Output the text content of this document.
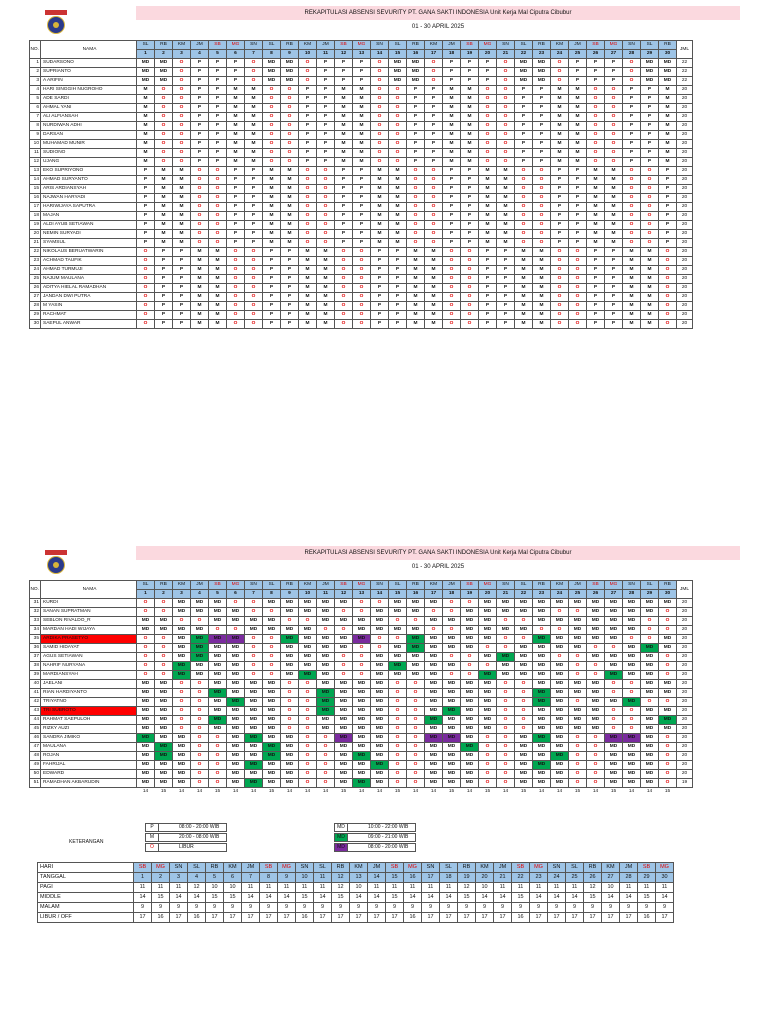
REKAPITULASI ABSENSI SEVURITY PT. GANA SAKTI INDONESIA Unit Kerja Mal Ciputra Cibubur
01 - 30 APRIL 2025
NO.	NAMA	SL	RB	KM	JM	SB	MG	SN	SL	RB	KM	JM	SB	MG	SN	SL	RB	KM	JM	SB	MG	SN	SL	RB	KM	JM	SB	MG	SN	SL	RB	JML
		1	2	3	4	5	6	7	8	9	10	11	12	13	14	15	16	17	18	19	20	21	22	23	24	25	26	27	28	29	30	
1	SUDARSONO	MD	MD	O	P	P	P	O	MD	MD	O	P	P	P	O	MD	MD	O	P	P	P	O	MD	MD	O	P	P	P	O	MD	MD	22
2	SUPRIANTO	MD	MD	O	P	P	P	O	MD	MD	O	P	P	P	O	MD	MD	O	P	P	P	O	MD	MD	O	P	P	P	O	MD	MD	22
3	A ARIFIN	MD	MD	O	P	P	P	O	MD	MD	O	P	P	P	O	MD	MD	O	P	P	P	O	MD	MD	O	P	P	P	O	MD	MD	22
4	HARI SINGGIH NUGROHO	M	O	O	P	P	M	M	O	O	P	P	M	M	O	O	P	P	M	M	O	O	P	P	M	M	O	O	P	P	M	20
5	ADE SARDI	M	O	O	P	P	M	M	O	O	P	P	M	M	O	O	P	P	M	M	O	O	P	P	M	M	O	O	P	P	M	20
6	AHMAL YANI	M	O	O	P	P	M	M	O	O	P	P	M	M	O	O	P	P	M	M	O	O	P	P	M	M	O	O	P	P	M	20
7	ALI ALFIANSAH	M	O	O	P	P	M	M	O	O	P	P	M	M	O	O	P	P	M	M	O	O	P	P	M	M	O	O	P	P	M	20
8	NURDIWAN ADHI	M	O	O	P	P	M	M	O	O	P	P	M	M	O	O	P	P	M	M	O	O	P	P	M	M	O	O	P	P	M	20
9	DARSAN	M	O	O	P	P	M	M	O	O	P	P	M	M	O	O	P	P	M	M	O	O	P	P	M	M	O	O	P	P	M	20
10	MUHAMAD MUNIR	M	O	O	P	P	M	M	O	O	P	P	M	M	O	O	P	P	M	M	O	O	P	P	M	M	O	O	P	P	M	20
11	SUDIONO	M	O	O	P	P	M	M	O	O	P	P	M	M	O	O	P	P	M	M	O	O	P	P	M	M	O	O	P	P	M	20
12	UJANG	M	O	O	P	P	M	M	O	O	P	P	M	M	O	O	P	P	M	M	O	O	P	P	M	M	O	O	P	P	M	20
13	EKO SUPRIYONO	P	M	M	O	O	P	P	M	M	O	O	P	P	M	M	O	O	P	P	M	M	O	O	P	P	M	M	O	O	P	20
14	AHMAD SURYANTO	P	M	M	O	O	P	P	M	M	O	O	P	P	M	M	O	O	P	P	M	M	O	O	P	P	M	M	O	O	P	20
15	ARIS ARDIANSYAH	P	M	M	O	O	P	P	M	M	O	O	P	P	M	M	O	O	P	P	M	M	O	O	P	P	M	M	O	O	P	20
16	NAJWAN HARYADI	P	M	M	O	O	P	P	M	M	O	O	P	P	M	M	O	O	P	P	M	M	O	O	P	P	M	M	O	O	P	20
17	HARIWIJAYA SAPUTRA	P	M	M	O	O	P	P	M	M	O	O	P	P	M	M	O	O	P	P	M	M	O	O	P	P	M	M	O	O	P	20
18	MAJAN	P	M	M	O	O	P	P	M	M	O	O	P	P	M	M	O	O	P	P	M	M	O	O	P	P	M	M	O	O	P	20
19	ALDI AYUB SETIAWAN	P	M	M	O	O	P	P	M	M	O	O	P	P	M	M	O	O	P	P	M	M	O	O	P	P	M	M	O	O	P	20
20	NEMIN SURYADI	P	M	M	O	O	P	P	M	M	O	O	P	P	M	M	O	O	P	P	M	M	O	O	P	P	M	M	O	O	P	20
21	SYAMSUL	P	M	M	O	O	P	P	M	M	O	O	P	P	M	M	O	O	P	P	M	M	O	O	P	P	M	M	O	O	P	20
22	NIKOLAUS BERUATWARIN	O	P	P	M	M	O	O	P	P	M	M	O	O	P	P	M	M	O	O	P	P	M	M	O	O	P	P	M	M	O	20
23	ACHMAD TAUFIK	O	P	P	M	M	O	O	P	P	M	M	O	O	P	P	M	M	O	O	P	P	M	M	O	O	P	P	M	M	O	20
24	AHMAD TURMUJI	O	P	P	M	M	O	O	P	P	M	M	O	O	P	P	M	M	O	O	P	P	M	M	O	O	P	P	M	M	O	20
25	NAJUM MAULANA	O	P	P	M	M	O	O	P	P	M	M	O	O	P	P	M	M	O	O	P	P	M	M	O	O	P	P	M	M	O	20
26	ADITYA HIELAL RAMADHAN	O	P	P	M	M	O	O	P	P	M	M	O	O	P	P	M	M	O	O	P	P	M	M	O	O	P	P	M	M	O	20
27	JANDAN DWI PUTRA	O	P	P	M	M	O	O	P	P	M	M	O	O	P	P	M	M	O	O	P	P	M	M	O	O	P	P	M	M	O	20
28	M YASIN	O	P	P	M	M	O	O	P	P	M	M	O	O	P	P	M	M	O	O	P	P	M	M	O	O	P	P	M	M	O	20
29	RACHMAT	O	P	P	M	M	O	O	P	P	M	M	O	O	P	P	M	M	O	O	P	P	M	M	O	O	P	P	M	M	O	20
30	SAEPUL ANWAR	O	P	P	M	M	O	O	P	P	M	M	O	O	P	P	M	M	O	O	P	P	M	M	O	O	P	P	M	M	O	20
REKAPITULASI ABSENSI SEVURITY PT. GANA SAKTI INDONESIA Unit Kerja Mal Ciputra Cibubur
01 - 30 APRIL 2025
NO.	NAMA	SL	RB	KM	JM	SB	MG	SN	SL	RB	KM	JM	SB	MG	SN	SL	RB	KM	JM	SB	MG	SN	SL	RB	KM	JM	SB	MG	SN	SL	RB	JML
		1	2	3	4	5	6	7	8	9	10	11	12	13	14	15	16	17	18	19	20	21	22	23	24	25	26	27	28	29	30	
31	KURDI	O	O	MD	MD	MD	O	O	MD	MD	MD	MD	MD	O	O	MD	MD	MD	O	O	MD	MD	MD	MD	MD	MD	MD	MD	MD	MD	MD	20
32	SANAN SUPRATMAN	O	O	MD	MD	MD	MD	O	O	MD	MD	MD	O	O	MD	MD	MD	O	O	MD	MD	MD	MD	MD	O	O	MD	MD	MD	MD	O	20
33	SEBLON RIVALDO_R	MD	MD	O	O	MD	MD	MD	MD	O	O	MD	MD	MD	MD	O	O	MD	MD	MD	MD	O	O	MD	MD	MD	MD	MD	MD	O	O	20
34	MARDAN HADI WIJAYA	MD	MD	MD	MD	O	O	MD	MD	MD	MD	O	O	MD	MD	MD	MD	O	O	MD	MD	MD	MD	O	O	MD	MD	MD	MD	O	O	20
35	ARDIKA PRASETYO	O	O	MD	MD	MD	MD	O	O	MD	MD	MD	MD	MD	O	O	MD	MD	MD	MD	MD	O	O	MD	MD	MD	MD	MD	O	O	MD	20
36	SAMID HIDAYAT	O	O	MD	MD	MD	MD	O	O	MD	MD	MD	MD	O	O	MD	MD	MD	MD	MD	O	O	MD	MD	MD	MD	O	O	MD	MD	MD	20
37	AGUS SETIAWAN	O	O	MD	MD	MD	MD	O	O	MD	MD	MD	O	O	MD	MD	MD	MD	O	O	MD	MD	MD	MD	O	O	MD	MD	MD	MD	O	20
38	NAHRIF NURYANA	O	O	MD	MD	MD	MD	O	O	MD	MD	MD	O	O	MD	MD	MD	MD	MD	O	O	MD	MD	MD	MD	O	O	MD	MD	MD	O	20
39	MARDIANSYAH	O	O	MD	MD	MD	MD	O	O	MD	MD	MD	O	O	MD	MD	MD	MD	O	O	MD	MD	MD	MD	MD	O	O	MD	MD	MD	O	20
40	JAELANI	MD	MD	O	O	MD	MD	MD	MD	O	O	MD	MD	MD	MD	O	O	MD	MD	MD	MD	O	O	MD	MD	MD	MD	O	O	MD	MD	20
41	RIAN HARDIYANTO	MD	MD	O	O	MD	MD	MD	MD	O	O	MD	MD	MD	MD	O	O	MD	MD	MD	MD	O	O	MD	MD	MD	MD	O	O	MD	MD	20
42	TRIYATNO	MD	MD	O	O	MD	MD	MD	MD	O	O	MD	MD	MD	MD	O	O	MD	MD	MD	MD	O	O	MD	MD	O	MD	MD	MD	O	O	20
43	TRI SUBROTO	MD	MD	O	O	MD	MD	MD	MD	O	O	MD	MD	MD	MD	O	O	MD	MD	MD	MD	O	O	MD	MD	MD	MD	O	O	MD	MD	20
44	RAHMAT SAEPULOH	MD	MD	O	O	MD	MD	MD	MD	O	O	MD	MD	MD	MD	O	O	MD	MD	MD	MD	O	O	MD	MD	MD	MD	O	O	MD	MD	20
45	RIZKY AUZI	MD	MD	O	O	MD	MD	MD	MD	O	O	MD	MD	MD	MD	O	O	MD	MD	MD	MD	O	O	MD	MD	MD	MD	O	O	MD	MD	20
46	SANDRA JIMIKO	MD	MD	MD	O	O	MD	MD	MD	MD	O	O	MD	MD	MD	O	O	MD	MD	MD	O	O	MD	MD	MD	O	O	MD	MD	MD	O	20
47	MAULANA	MD	MD	MD	O	O	MD	MD	MD	MD	O	O	MD	MD	MD	O	O	MD	MD	MD	O	O	MD	MD	MD	O	O	MD	MD	MD	O	20
48	ROJAN	MD	MD	MD	O	O	MD	MD	MD	MD	O	O	MD	MD	MD	O	O	MD	MD	MD	O	O	MD	MD	MD	O	O	MD	MD	MD	O	20
49	FAHRIJAL	MD	MD	MD	O	O	MD	MD	MD	MD	O	O	MD	MD	MD	O	O	MD	MD	MD	O	O	MD	MD	MD	O	O	MD	MD	MD	O	20
50	EDWARD	MD	MD	MD	O	O	MD	MD	MD	MD	O	O	MD	MD	MD	O	O	MD	MD	MD	O	O	MD	MD	MD	O	O	MD	MD	MD	O	20
51	RAMADHAN AKBARUDIN	MD	MD	MD	O	O	MD	MD	MD	MD	O	O	MD	MD	MD	O	O	MD	MD	MD	O	O	MD	MD	MD	O	O	MD	MD	MD	O	19
		14	15	14	14	15	14	14	15	14	14	14	15	14	14	15	14	14	15	14	15	14	15	14	14	15	14	15	14	14	15	
KETERANGAN
P	08:00 - 20:00 WIB
M	20:00 - 08:00 WIB
O	LIBUR
MD	10:00 - 22:00 WIB
MD	09:00 - 21:00 WIB
MD	08:00 - 20:00 WIB
HARI	SB	MG	SN	SL	RB	KM	JM	SB	MG	SN	SL	RB	KM	JM	SB	MG	SN	SL	RB	KM	JM	SB	MG	SN	SL	RB	KM	JM	SB	MG
TANGGAL	1	2	3	4	5	6	7	8	9	10	11	12	13	14	15	16	17	18	19	20	21	22	23	24	25	26	27	28	29	30
PAGI	11	11	11	12	10	10	11	11	11	11	11	12	10	11	11	11	11	11	12	10	11	11	11	11	11	12	10	11	11	11
MIDDLE	14	15	14	14	15	15	14	14	14	15	14	15	14	14	15	14	14	14	15	14	14	15	14	14	14	15	14	14	15	14
MALAM	9	9	9	9	9	9	9	9	9	9	9	9	9	9	9	9	9	9	9	9	9	9	9	9	9	9	9	9	9	9
LIBUR / OFF	17	16	17	16	17	17	17	17	17	16	17	17	17	17	17	16	17	17	17	17	17	16	17	17	17	17	17	17	16	17
